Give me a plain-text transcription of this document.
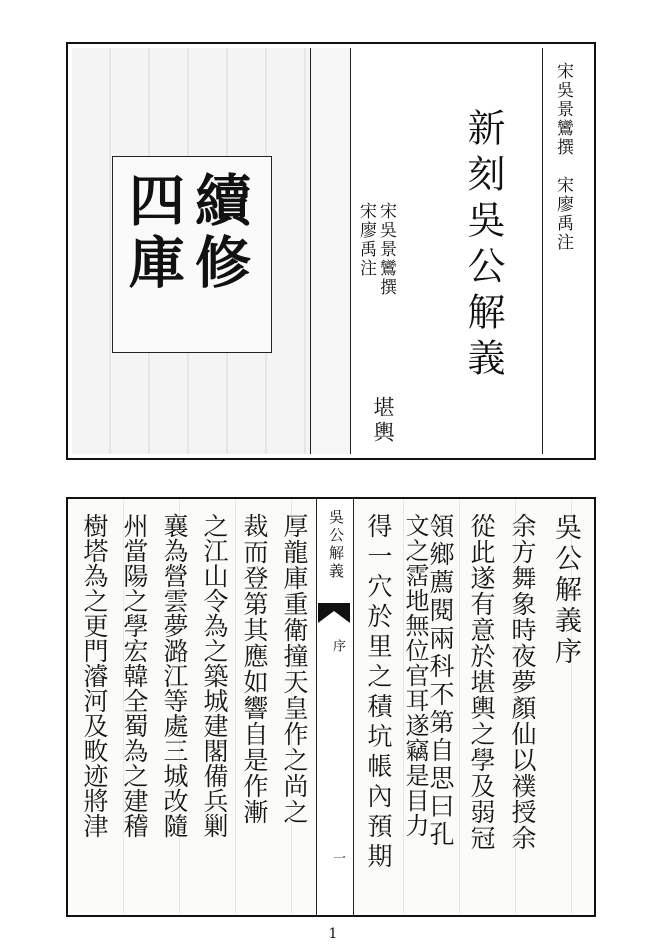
續修
四庫	宋吳景鸞撰
宋廖禹注
堪輿
新刻吳公解義	宋吳景鸞撰　宋廖禹注
吳公解義
序
一
吳公解義序
余方舞象時夜夢顏仙以襆授余
從此遂有意於堪輿之學及弱冠
領鄉薦閱兩科不第自思曰孔
文之霑地無位官耳遂竊是目力
得一穴於里之積坑帳內預期
厚龍庫重衛撞天皇作之尚之
裁而登第其應如響自是作漸
之江山令為之築城建閣備兵剿
襄為營雲夢潞江等處三城改隨
州當陽之學宏韓全蜀為之建稽
樹塔為之更門濬河及畋迹將津
1
